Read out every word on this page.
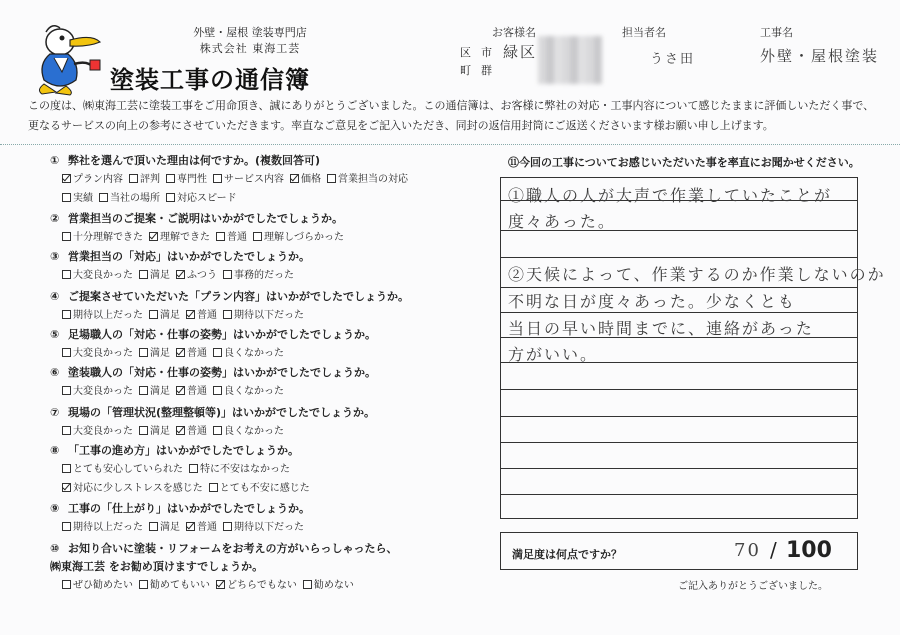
外壁・屋根 塗装専門店
株式会社 東海工芸
塗装工事の通信簿
お客様名	担当者名	工事名
区市
町群
緑区	うさ田	外壁・屋根塗装
この度は、㈱東海工芸に塗装工事をご用命頂き、誠にありがとうございました。この通信簿は、お客様に弊社の対応・工事内容について感じたままに評価しいただく事で、更なるサービスの向上の参考にさせていただきます。率直なご意見をご記入いただき、同封の返信用封筒にご返送くださいます様お願い申し上げます。
① 弊社を選んで頂いた理由は何ですか。(複数回答可)
プラン内容 評判 専門性 サービス内容 価格 営業担当の対応
実績 当社の場所 対応スピード
② 営業担当のご提案・ご説明はいかがでしたでしょうか。
十分理解できた 理解できた 普通 理解しづらかった
③ 営業担当の「対応」はいかがでしたでしょうか。
大変良かった 満足 ふつう 事務的だった
④ ご提案させていただいた「プラン内容」はいかがでしたでしょうか。
期待以上だった 満足 普通 期待以下だった
⑤ 足場職人の「対応・仕事の姿勢」はいかがでしたでしょうか。
大変良かった 満足 普通 良くなかった
⑥ 塗装職人の「対応・仕事の姿勢」はいかがでしたでしょうか。
大変良かった 満足 普通 良くなかった
⑦ 現場の「管理状況(整理整頓等)」はいかがでしたでしょうか。
大変良かった 満足 普通 良くなかった
⑧ 「工事の進め方」はいかがでしたでしょうか。
とても安心していられた 特に不安はなかった
対応に少しストレスを感じた とても不安に感じた
⑨ 工事の「仕上がり」はいかがでしたでしょうか。
期待以上だった 満足 普通 期待以下だった
⑩ お知り合いに塗装・リフォームをお考えの方がいらっしゃったら、
㈱東海工芸 をお勧め頂けますでしょうか。
ぜひ勧めたい 勧めてもいい どちらでもない 勧めない
⑪今回の工事についてお感じいただいた事を率直にお聞かせください。
①職人の人が大声で作業していたことが
度々あった。
②天候によって、作業するのか作業しないのか
不明な日が度々あった。少なくとも
当日の早い時間までに、連絡があった
方がいい。
満足度は何点ですか？	70 / 100
ご記入ありがとうございました。
